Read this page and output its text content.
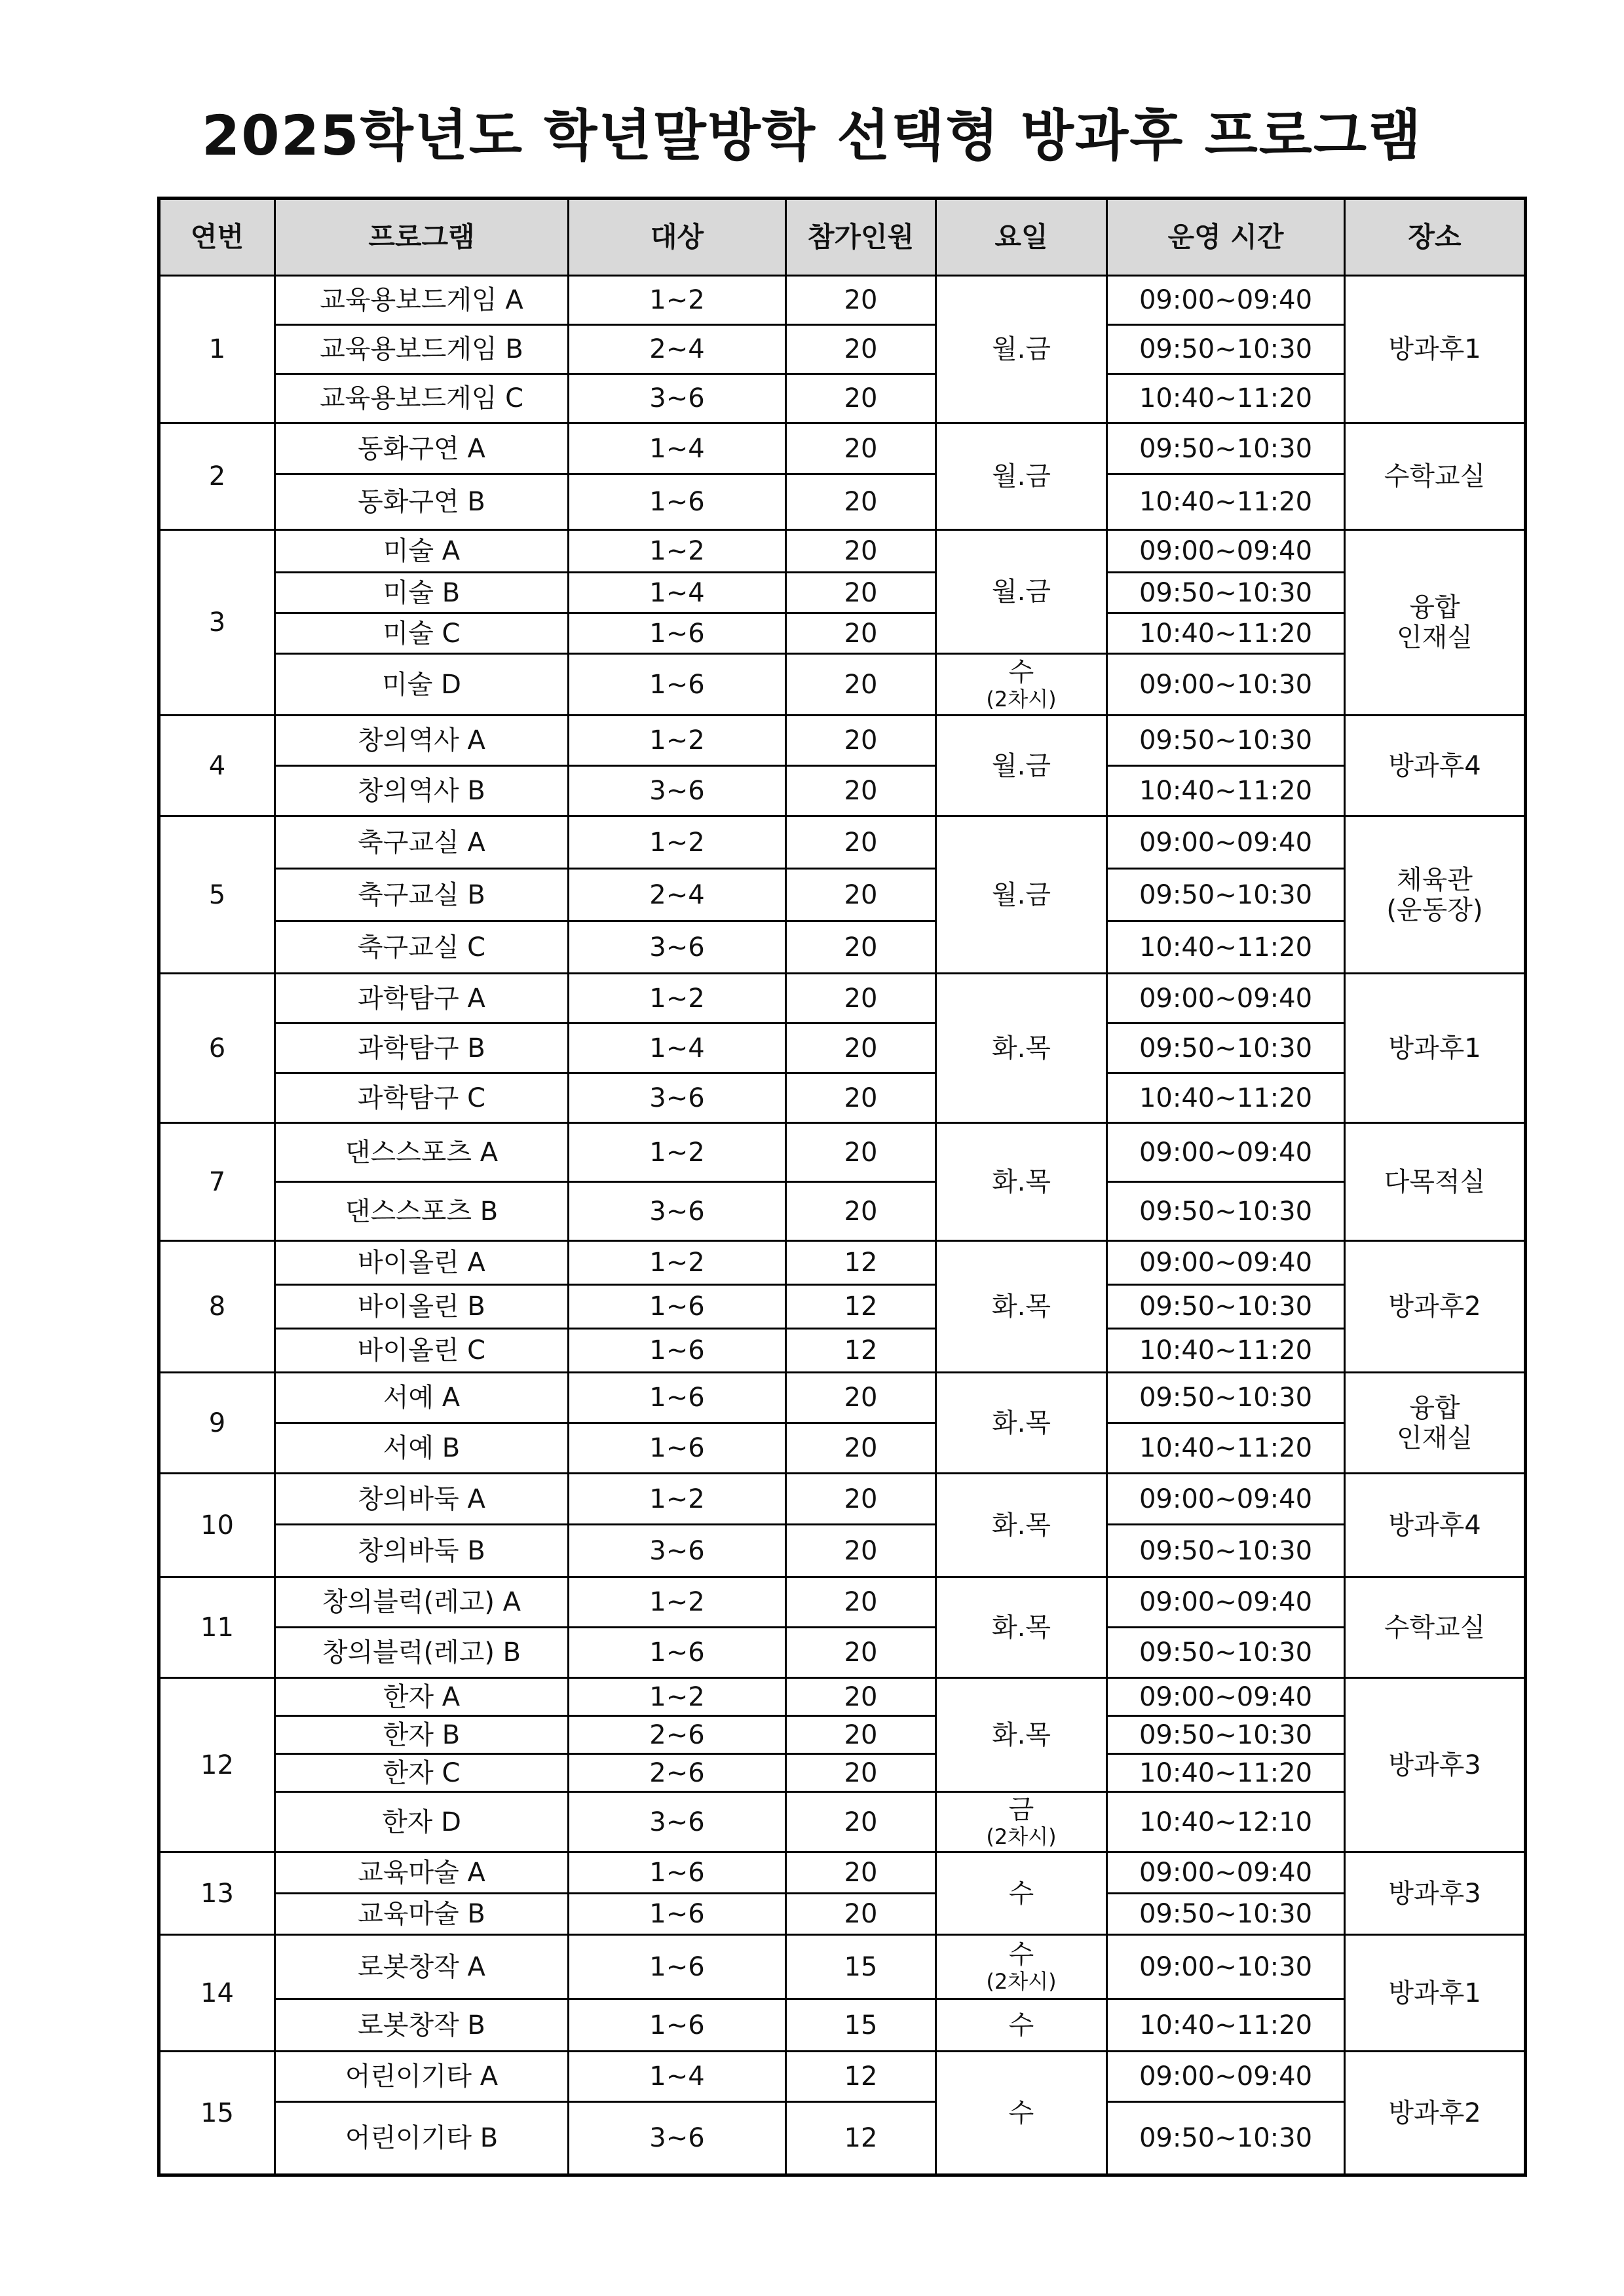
2025학년도 학년말방학 선택형 방과후 프로그램
연번	프로그램	대상	참가인원	요일	운영 시간	장소
1	교육용보드게임 A	1~2	20	월.금	09:00~09:40	방과후1
	교육용보드게임 B	2~4	20		09:50~10:30	
	교육용보드게임 C	3~6	20		10:40~11:20	
2	동화구연 A	1~4	20	월.금	09:50~10:30	수학교실
	동화구연 B	1~6	20		10:40~11:20	
3	미술 A	1~2	20	월.금	09:00~09:40	융합
인재실

	미술 B	1~4	20		09:50~10:30	
	미술 C	1~6	20		10:40~11:20	
	미술 D	1~6	20	수
(2차시)	09:00~10:30	
4	창의역사 A	1~2	20	월.금	09:50~10:30	방과후4
	창의역사 B	3~6	20		10:40~11:20	
5	축구교실 A	1~2	20	월.금	09:00~09:40	체육관
(운동장)

	축구교실 B	2~4	20		09:50~10:30	
	축구교실 C	3~6	20		10:40~11:20	
6	과학탐구 A	1~2	20	화.목	09:00~09:40	방과후1
	과학탐구 B	1~4	20		09:50~10:30	
	과학탐구 C	3~6	20		10:40~11:20	
7	댄스스포츠 A	1~2	20	화.목	09:00~09:40	다목적실
	댄스스포츠 B	3~6	20		09:50~10:30	
8	바이올린 A	1~2	12	화.목	09:00~09:40	방과후2
	바이올린 B	1~6	12		09:50~10:30	
	바이올린 C	1~6	12		10:40~11:20	
9	서예 A	1~6	20	화.목	09:50~10:30	융합
인재실

	서예 B	1~6	20		10:40~11:20	
10	창의바둑 A	1~2	20	화.목	09:00~09:40	방과후4
	창의바둑 B	3~6	20		09:50~10:30	
11	창의블럭(레고) A	1~2	20	화.목	09:00~09:40	수학교실
	창의블럭(레고) B	1~6	20		09:50~10:30	
12	한자 A	1~2	20	화.목	09:00~09:40	방과후3
	한자 B	2~6	20		09:50~10:30	
	한자 C	2~6	20		10:40~11:20	
	한자 D	3~6	20	금
(2차시)	10:40~12:10	
13	교육마술 A	1~6	20	수	09:00~09:40	방과후3
	교육마술 B	1~6	20		09:50~10:30	
14	로봇창작 A	1~6	15	수
(2차시)	09:00~10:30	방과후1
	로봇창작 B	1~6	15	수	10:40~11:20	
15	어린이기타 A	1~4	12	수	09:00~09:40	방과후2
	어린이기타 B	3~6	12		09:50~10:30	
